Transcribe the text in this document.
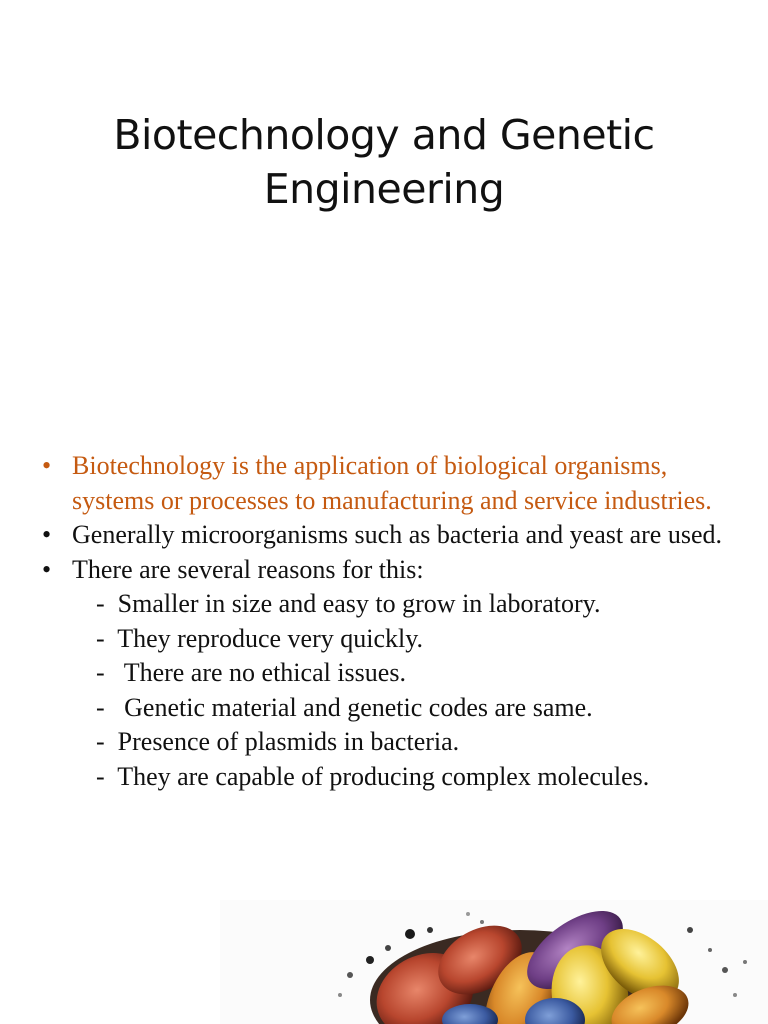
Biotechnology and Genetic
Engineering
• Biotechnology is the application of biological organisms, systems or processes to manufacturing and service industries.
• Generally microorganisms such as bacteria and yeast are used.
• There are several reasons for this:
-  Smaller in size and easy to grow in laboratory.
-  They reproduce very quickly.
-   There are no ethical issues.
-   Genetic material and genetic codes are same.
-  Presence of plasmids in bacteria.
-  They are capable of producing complex molecules.
